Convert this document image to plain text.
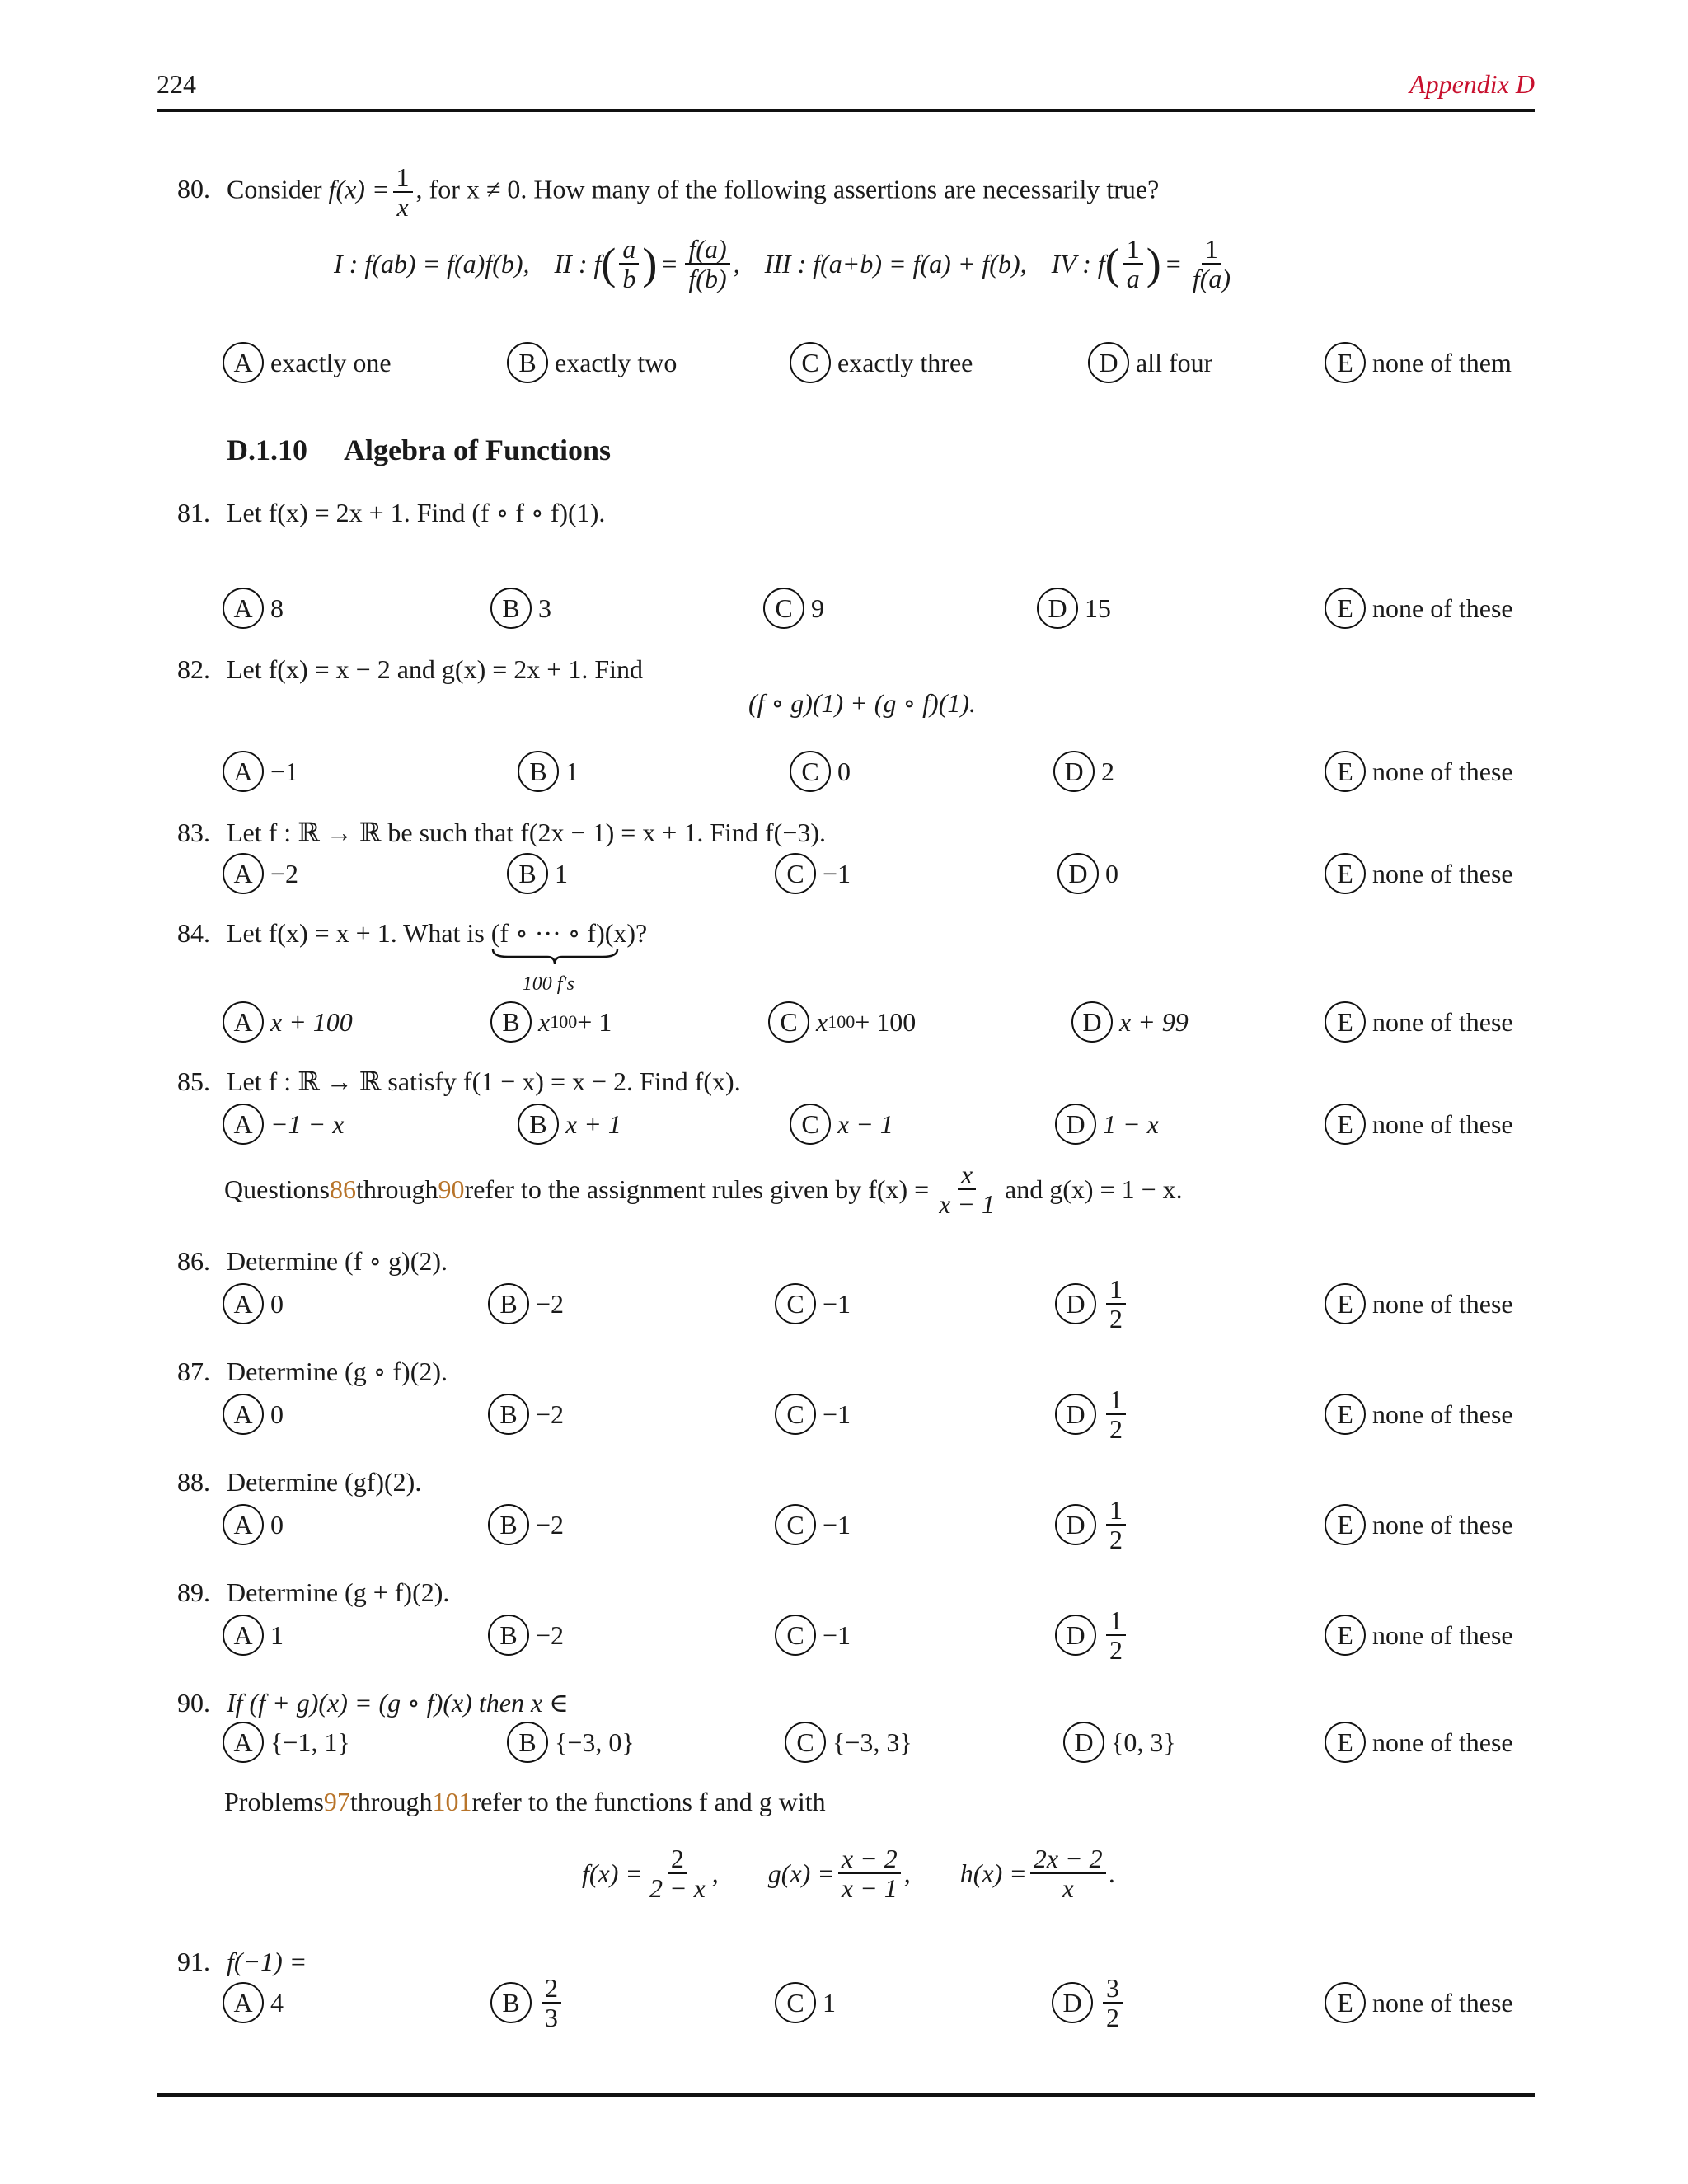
224	Appendix D
80. Consider $f(x) = \frac{1}{x}$ , for x ≠ 0. How many of the following assertions are necessarily true?
I : f(ab) = f(a)f(b), II : f ( $\frac{a}{b}$ ) = $\frac{f(a)}{f(b)}$ , III : f(a+b) = f(a) + f(b), IV : f ( $\frac{1}{a}$ ) = $\frac{1}{f(a)}$
A exactly one	B exactly two	C exactly three	D all four	E none of them
D.1.10 Algebra of Functions
81. Let f(x) = 2x + 1. Find (f ∘ f ∘ f)(1).
A 8	B 3	C 9	D 15	E none of these
82. Let f(x) = x − 2 and g(x) = 2x + 1. Find
(f ∘ g)(1) + (g ∘ f)(1).
A −1	B 1	C 0	D 2	E none of these
83. Let f : ℝ → ℝ be such that f(2x − 1) = x + 1. Find f(−3).
A −2	B 1	C −1	D 0	E none of these
84. Let f(x) = x + 1. What is (f ∘ ··· ∘ f)
100 f′s
(x)?
A x + 100	B x 100 + 1	C x 100 + 100	D x + 99	E none of these
85. Let f : ℝ → ℝ satisfy f(1 − x) = x − 2. Find f(x).
A −1 − x	B x + 1	C x − 1	D 1 − x	E none of these
Questions 86 through 90 refer to the assignment rules given by $f(x) = \frac{x}{x - 1}$ and g(x) = 1 − x.
86. Determine (f ∘ g)(2).
A 0	B −2	C −1	D $\frac{1}{2}$	E none of these
87. Determine (g ∘ f)(2).
A 0	B −2	C −1	D $\frac{1}{2}$	E none of these
88. Determine (gf)(2).
A 0	B −2	C −1	D $\frac{1}{2}$	E none of these
89. Determine (g + f)(2).
A 1	B −2	C −1	D $\frac{1}{2}$	E none of these
90. If (f + g)(x) = (g ∘ f)(x) then x ∈
A {−1, 1}	B {−3, 0}	C {−3, 3}	D {0, 3}	E none of these
Problems 97 through 101 refer to the functions f and g with
$f(x) = \frac{2}{2 - x}$ , $g(x) = \frac{x - 2}{x - 1}$ , $h(x) = \frac{2x - 2}{x}$ .
91. f(−1) =
A 4	B $\frac{2}{3}$	C 1	D $\frac{3}{2}$	E none of these
